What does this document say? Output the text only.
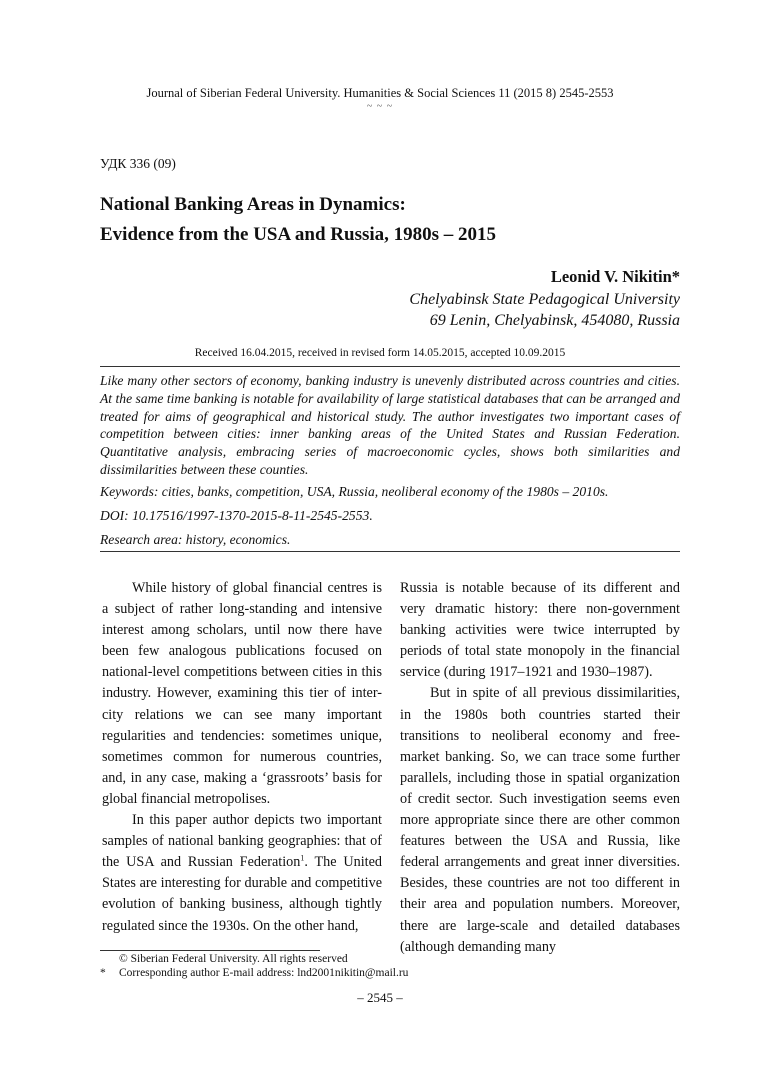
Journal of Siberian Federal University. Humanities & Social Sciences 11 (2015 8) 2545-2553
~ ~ ~
УДК 336 (09)
National Banking Areas in Dynamics:
Evidence from the USA and Russia, 1980s – 2015
Leonid V. Nikitin*
Chelyabinsk State Pedagogical University
69 Lenin, Chelyabinsk, 454080, Russia
Received 16.04.2015, received in revised form 14.05.2015, accepted 10.09.2015
Like many other sectors of economy, banking industry is unevenly distributed across countries and cities. At the same time banking is notable for availability of large statistical databases that can be arranged and treated for aims of geographical and historical study. The author investigates two important cases of competition between cities: inner banking areas of the United States and Russian Federation. Quantitative analysis, embracing series of macroeconomic cycles, shows both similarities and dissimilarities between these counties.
Keywords: cities, banks, competition, USA, Russia, neoliberal economy of the 1980s – 2010s.
DOI: 10.17516/1997-1370-2015-8-11-2545-2553.
Research area: history, economics.

While history of global financial centres is a subject of rather long-standing and intensive interest among scholars, until now there have been few analogous publications focused on national-level competitions between cities in this industry. However, examining this tier of inter-city relations we can see many important regularities and tendencies: sometimes unique, sometimes common for numerous countries, and, in any case, making a ‘grassroots’ basis for global financial metropolises.

In this paper author depicts two important samples of national banking geographies: that of the USA and Russian Federation$^1$. The United States are interesting for durable and competitive evolution of banking business, although tightly regulated since the 1930s. On the other hand,

Russia is notable because of its different and very dramatic history: there non-government banking activities were twice interrupted by periods of total state monopoly in the financial service (during 1917–1921 and 1930–1987).

But in spite of all previous dissimilarities, in the 1980s both countries started their transitions to neoliberal economy and free-market banking. So, we can trace some further parallels, including those in spatial organization of credit sector. Such investigation seems even more appropriate since there are other common features between the USA and Russia, like federal arrangements and great inner diversities. Besides, these countries are not too different in their area and population numbers. Moreover, there are large-scale and detailed databases (although demanding many

© Siberian Federal University. All rights reserved
* Corresponding author E-mail address: lnd2001nikitin@mail.ru
– 2545 –
